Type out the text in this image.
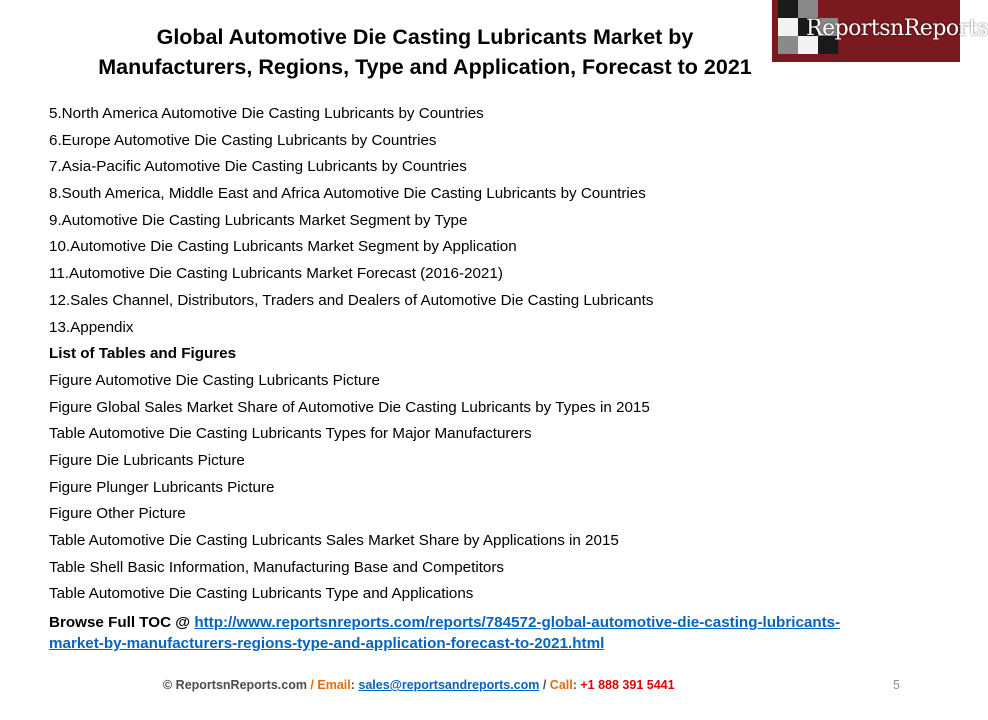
Global Automotive Die Casting Lubricants Market by
Manufacturers, Regions, Type and Application, Forecast to 2021
ReportsnReports
5.North America Automotive Die Casting Lubricants by Countries
6.Europe Automotive Die Casting Lubricants by Countries
7.Asia-Pacific Automotive Die Casting Lubricants by Countries
8.South America, Middle East and Africa Automotive Die Casting Lubricants by Countries
9.Automotive Die Casting Lubricants Market Segment by Type
10.Automotive Die Casting Lubricants Market Segment by Application
11.Automotive Die Casting Lubricants Market Forecast (2016-2021)
12.Sales Channel, Distributors, Traders and Dealers of Automotive Die Casting Lubricants
13.Appendix
List of Tables and Figures
Figure Automotive Die Casting Lubricants Picture
Figure Global Sales Market Share of Automotive Die Casting Lubricants by Types in 2015
Table Automotive Die Casting Lubricants Types for Major Manufacturers
Figure Die Lubricants Picture
Figure Plunger Lubricants Picture
Figure Other Picture
Table Automotive Die Casting Lubricants Sales Market Share by Applications in 2015
Table Shell Basic Information, Manufacturing Base and Competitors
Table Automotive Die Casting Lubricants Type and Applications
Browse Full TOC @ http://www.reportsnreports.com/reports/784572-global-automotive-die-casting-lubricants-
market-by-manufacturers-regions-type-and-application-forecast-to-2021.html
© ReportsnReports.com / Email: sales@reportsandreports.com / Call: +1 888 391 5441	5
